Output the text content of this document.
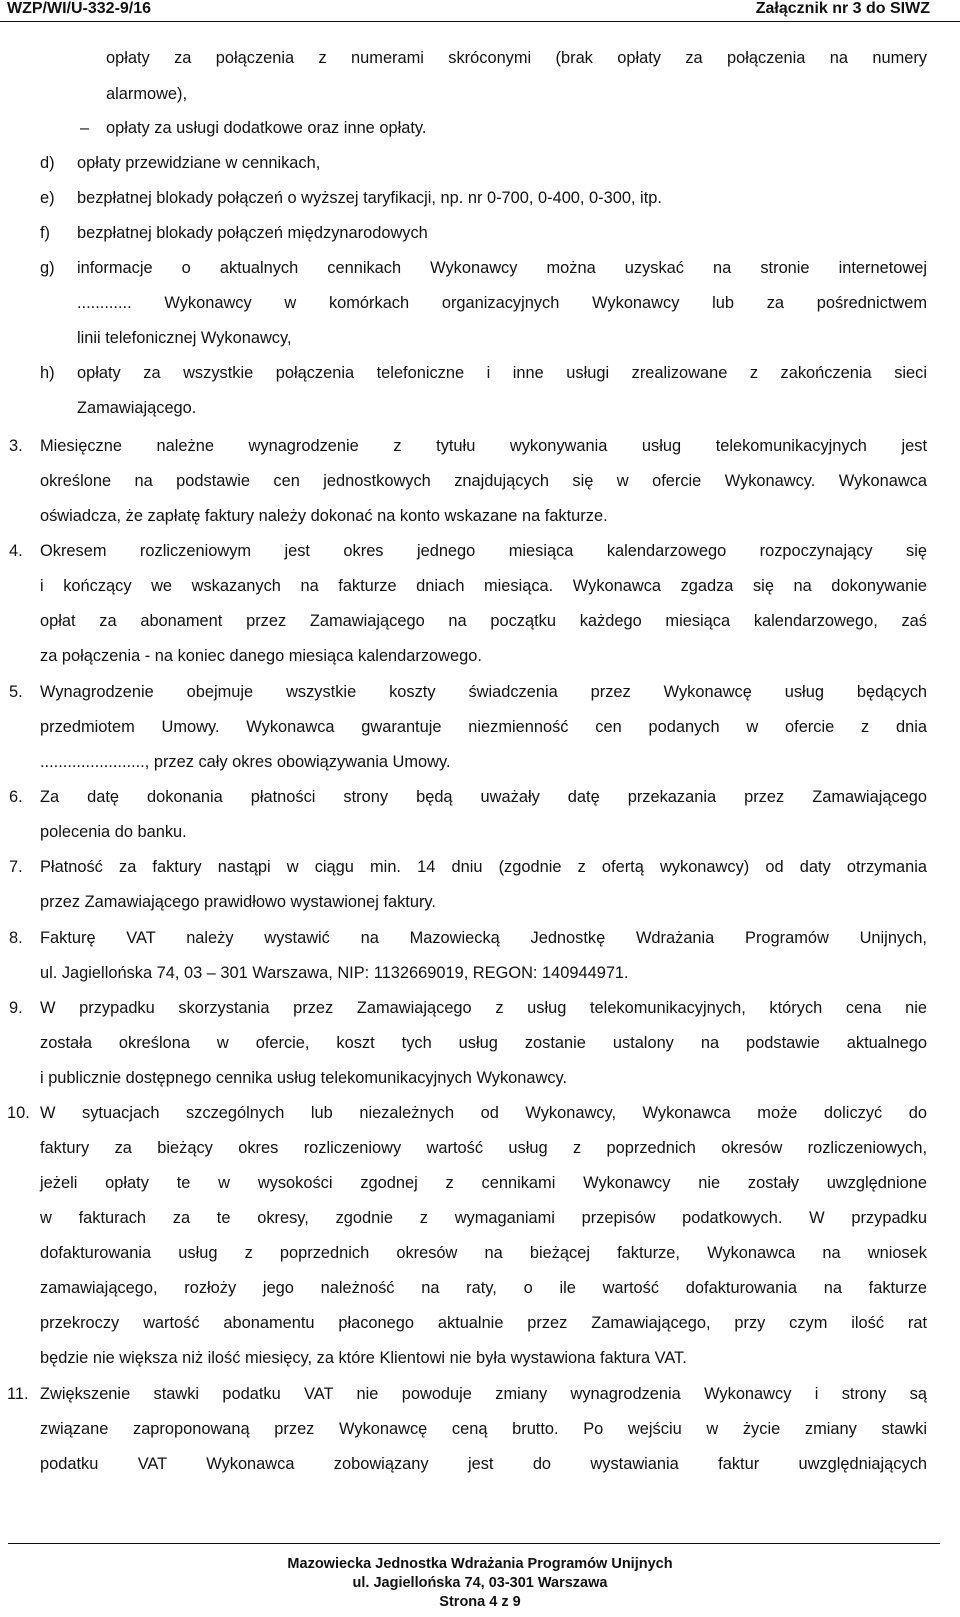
WZP/WI/U-332-9/16	Załącznik nr 3 do SIWZ
opłaty za połączenia z numerami skróconymi (brak opłaty za połączenia na numery
alarmowe),
– opłaty za usługi dodatkowe oraz inne opłaty.
d) opłaty przewidziane w cennikach,
e) bezpłatnej blokady połączeń o wyższej taryfikacji, np. nr 0-700, 0-400, 0-300, itp.
f) bezpłatnej blokady połączeń międzynarodowych
g) informacje o aktualnych cennikach Wykonawcy można uzyskać na stronie internetowej
............ Wykonawcy w komórkach organizacyjnych Wykonawcy lub za pośrednictwem
linii telefonicznej Wykonawcy,
h) opłaty za wszystkie połączenia telefoniczne i inne usługi zrealizowane z zakończenia sieci
Zamawiającego.
3. Miesięczne należne wynagrodzenie z tytułu wykonywania usług telekomunikacyjnych jest
określone na podstawie cen jednostkowych znajdujących się w ofercie Wykonawcy. Wykonawca
oświadcza, że zapłatę faktury należy dokonać na konto wskazane na fakturze.
4. Okresem rozliczeniowym jest okres jednego miesiąca kalendarzowego rozpoczynający się
i kończący we wskazanych na fakturze dniach miesiąca. Wykonawca zgadza się na dokonywanie
opłat za abonament przez Zamawiającego na początku każdego miesiąca kalendarzowego, zaś
za połączenia - na koniec danego miesiąca kalendarzowego.
5. Wynagrodzenie obejmuje wszystkie koszty świadczenia przez Wykonawcę usług będących
przedmiotem Umowy. Wykonawca gwarantuje niezmienność cen podanych w ofercie z dnia
......................., przez cały okres obowiązywania Umowy.
6. Za datę dokonania płatności strony będą uważały datę przekazania przez Zamawiającego
polecenia do banku.
7. Płatność za faktury nastąpi w ciągu min. 14 dniu (zgodnie z ofertą wykonawcy) od daty otrzymania
przez Zamawiającego prawidłowo wystawionej faktury.
8. Fakturę VAT należy wystawić na Mazowiecką Jednostkę Wdrażania Programów Unijnych,
ul. Jagiellońska 74, 03 – 301 Warszawa, NIP: 1132669019, REGON: 140944971.
9. W przypadku skorzystania przez Zamawiającego z usług telekomunikacyjnych, których cena nie
została określona w ofercie, koszt tych usług zostanie ustalony na podstawie aktualnego
i publicznie dostępnego cennika usług telekomunikacyjnych Wykonawcy.
10. W sytuacjach szczególnych lub niezależnych od Wykonawcy, Wykonawca może doliczyć do
faktury za bieżący okres rozliczeniowy wartość usług z poprzednich okresów rozliczeniowych,
jeżeli opłaty te w wysokości zgodnej z cennikami Wykonawcy nie zostały uwzględnione
w fakturach za te okresy, zgodnie z wymaganiami przepisów podatkowych. W przypadku
dofakturowania usług z poprzednich okresów na bieżącej fakturze, Wykonawca na wniosek
zamawiającego, rozłoży jego należność na raty, o ile wartość dofakturowania na fakturze
przekroczy wartość abonamentu płaconego aktualnie przez Zamawiającego, przy czym ilość rat
będzie nie większa niż ilość miesięcy, za które Klientowi nie była wystawiona faktura VAT.
11. Zwiększenie stawki podatku VAT nie powoduje zmiany wynagrodzenia Wykonawcy i strony są
związane zaproponowaną przez Wykonawcę ceną brutto. Po wejściu w życie zmiany stawki
podatku VAT Wykonawca zobowiązany jest do wystawiania faktur uwzględniających
Mazowiecka Jednostka Wdrażania Programów Unijnych
ul. Jagiellońska 74, 03-301 Warszawa
Strona 4 z 9
